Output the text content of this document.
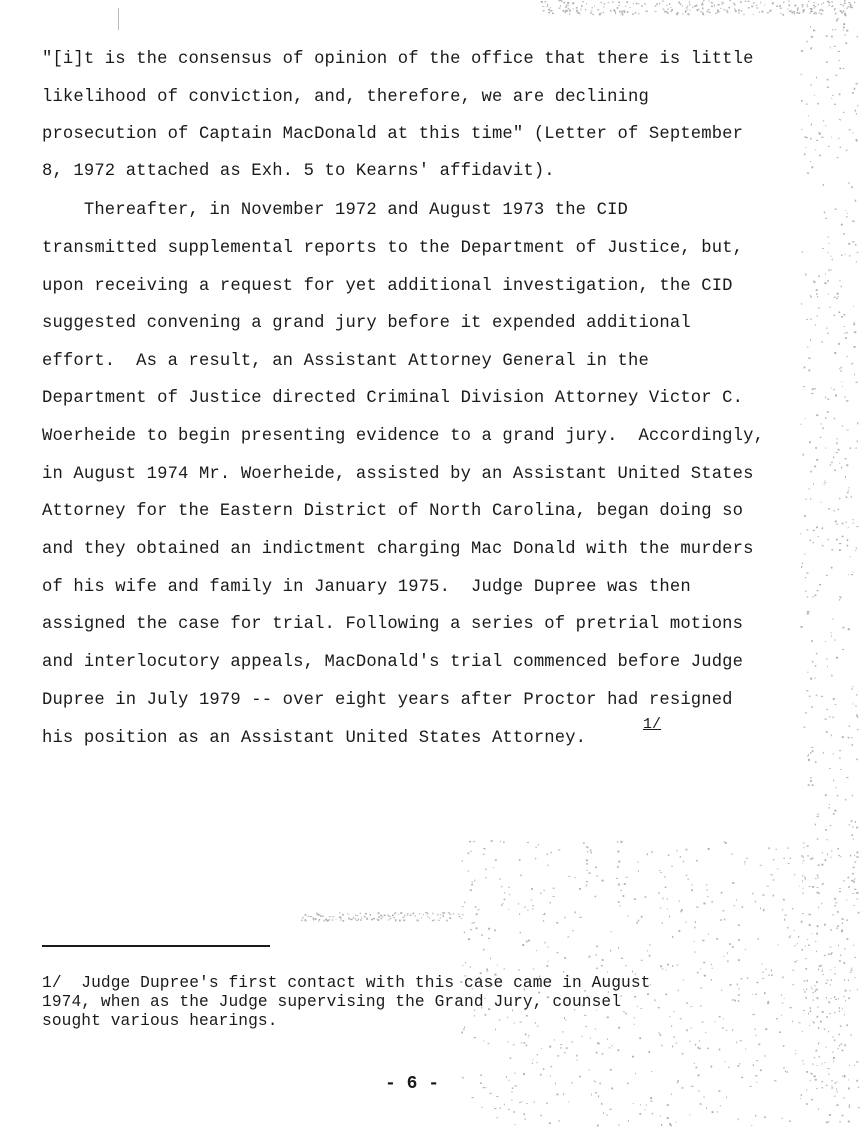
"[i]t is the consensus of opinion of the office that there is little
likelihood of conviction, and, therefore, we are declining
prosecution of Captain MacDonald at this time" (Letter of September
8, 1972 attached as Exh. 5 to Kearns' affidavit).
Thereafter, in November 1972 and August 1973 the CID
transmitted supplemental reports to the Department of Justice, but,
upon receiving a request for yet additional investigation, the CID
suggested convening a grand jury before it expended additional
effort.  As a result, an Assistant Attorney General in the
Department of Justice directed Criminal Division Attorney Victor C.
Woerheide to begin presenting evidence to a grand jury.  Accordingly,
in August 1974 Mr. Woerheide, assisted by an Assistant United States
Attorney for the Eastern District of North Carolina, began doing so
and they obtained an indictment charging Mac Donald with the murders
of his wife and family in January 1975.  Judge Dupree was then
assigned the case for trial. Following a series of pretrial motions
and interlocutory appeals, MacDonald's trial commenced before Judge
Dupree in July 1979 -- over eight years after Proctor had resigned
his position as an Assistant United States Attorney.
1/
1/  Judge Dupree's first contact with this case came in August
1974, when as the Judge supervising the Grand Jury, counsel
sought various hearings.
- 6 -
